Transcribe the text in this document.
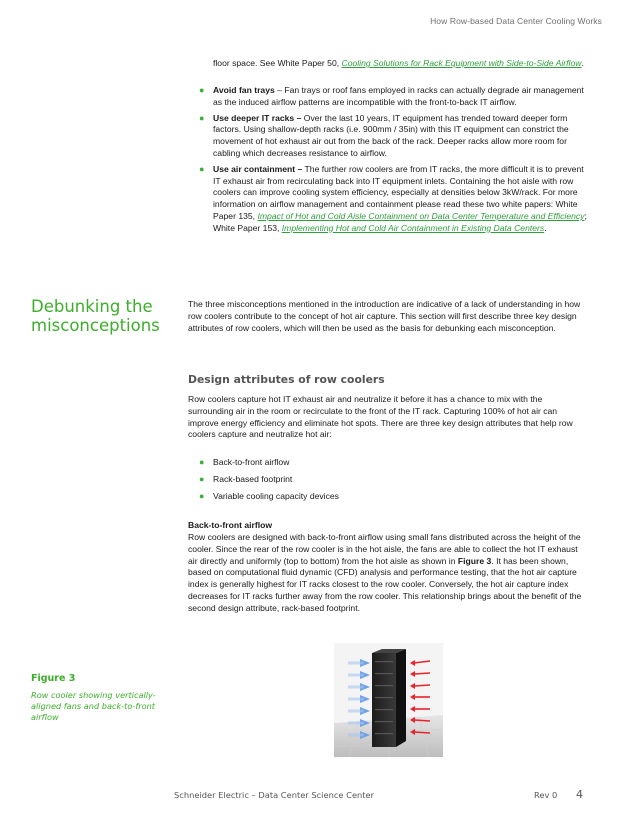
How Row-based Data Center Cooling Works
floor space. See White Paper 50, Cooling Solutions for Rack Equipment with Side-to-Side Airflow.
● Avoid fan trays – Fan trays or roof fans employed in racks can actually degrade air management as the induced airflow patterns are incompatible with the front-to-back IT airflow.
● Use deeper IT racks – Over the last 10 years, IT equipment has trended toward deeper form factors. Using shallow-depth racks (i.e. 900mm / 35in) with this IT equipment can constrict the movement of hot exhaust air out from the back of the rack. Deeper racks allow more room for cabling which decreases resistance to airflow.
● Use air containment – The further row coolers are from IT racks, the more difficult it is to prevent IT exhaust air from recirculating back into IT equipment inlets. Containing the hot aisle with row coolers can improve cooling system efficiency, especially at densities below 3kW/rack. For more information on airflow management and containment please read these two white papers: White Paper 135, Impact of Hot and Cold Aisle Containment on Data Center Temperature and Efficiency; White Paper 153, Implementing Hot and Cold Air Containment in Existing Data Centers.
Debunking the misconceptions
The three misconceptions mentioned in the introduction are indicative of a lack of understanding in how row coolers contribute to the concept of hot air capture. This section will first describe three key design attributes of row coolers, which will then be used as the basis for debunking each misconception.
Design attributes of row coolers
Row coolers capture hot IT exhaust air and neutralize it before it has a chance to mix with the surrounding air in the room or recirculate to the front of the IT rack. Capturing 100% of hot air can improve energy efficiency and eliminate hot spots. There are three key design attributes that help row coolers capture and neutralize hot air:
● Back-to-front airflow
● Rack-based footprint
● Variable cooling capacity devices
Back-to-front airflow
Row coolers are designed with back-to-front airflow using small fans distributed across the height of the cooler. Since the rear of the row cooler is in the hot aisle, the fans are able to collect the hot IT exhaust air directly and uniformly (top to bottom) from the hot aisle as shown in Figure 3. It has been shown, based on computational fluid dynamic (CFD) analysis and performance testing, that the hot air capture index is generally highest for IT racks closest to the row cooler. Conversely, the hot air capture index decreases for IT racks further away from the row cooler. This relationship brings about the benefit of the second design attribute, rack-based footprint.
Figure 3
Row cooler showing vertically-aligned fans and back-to-front airflow
Schneider Electric – Data Center Science Center	Rev 0 4
